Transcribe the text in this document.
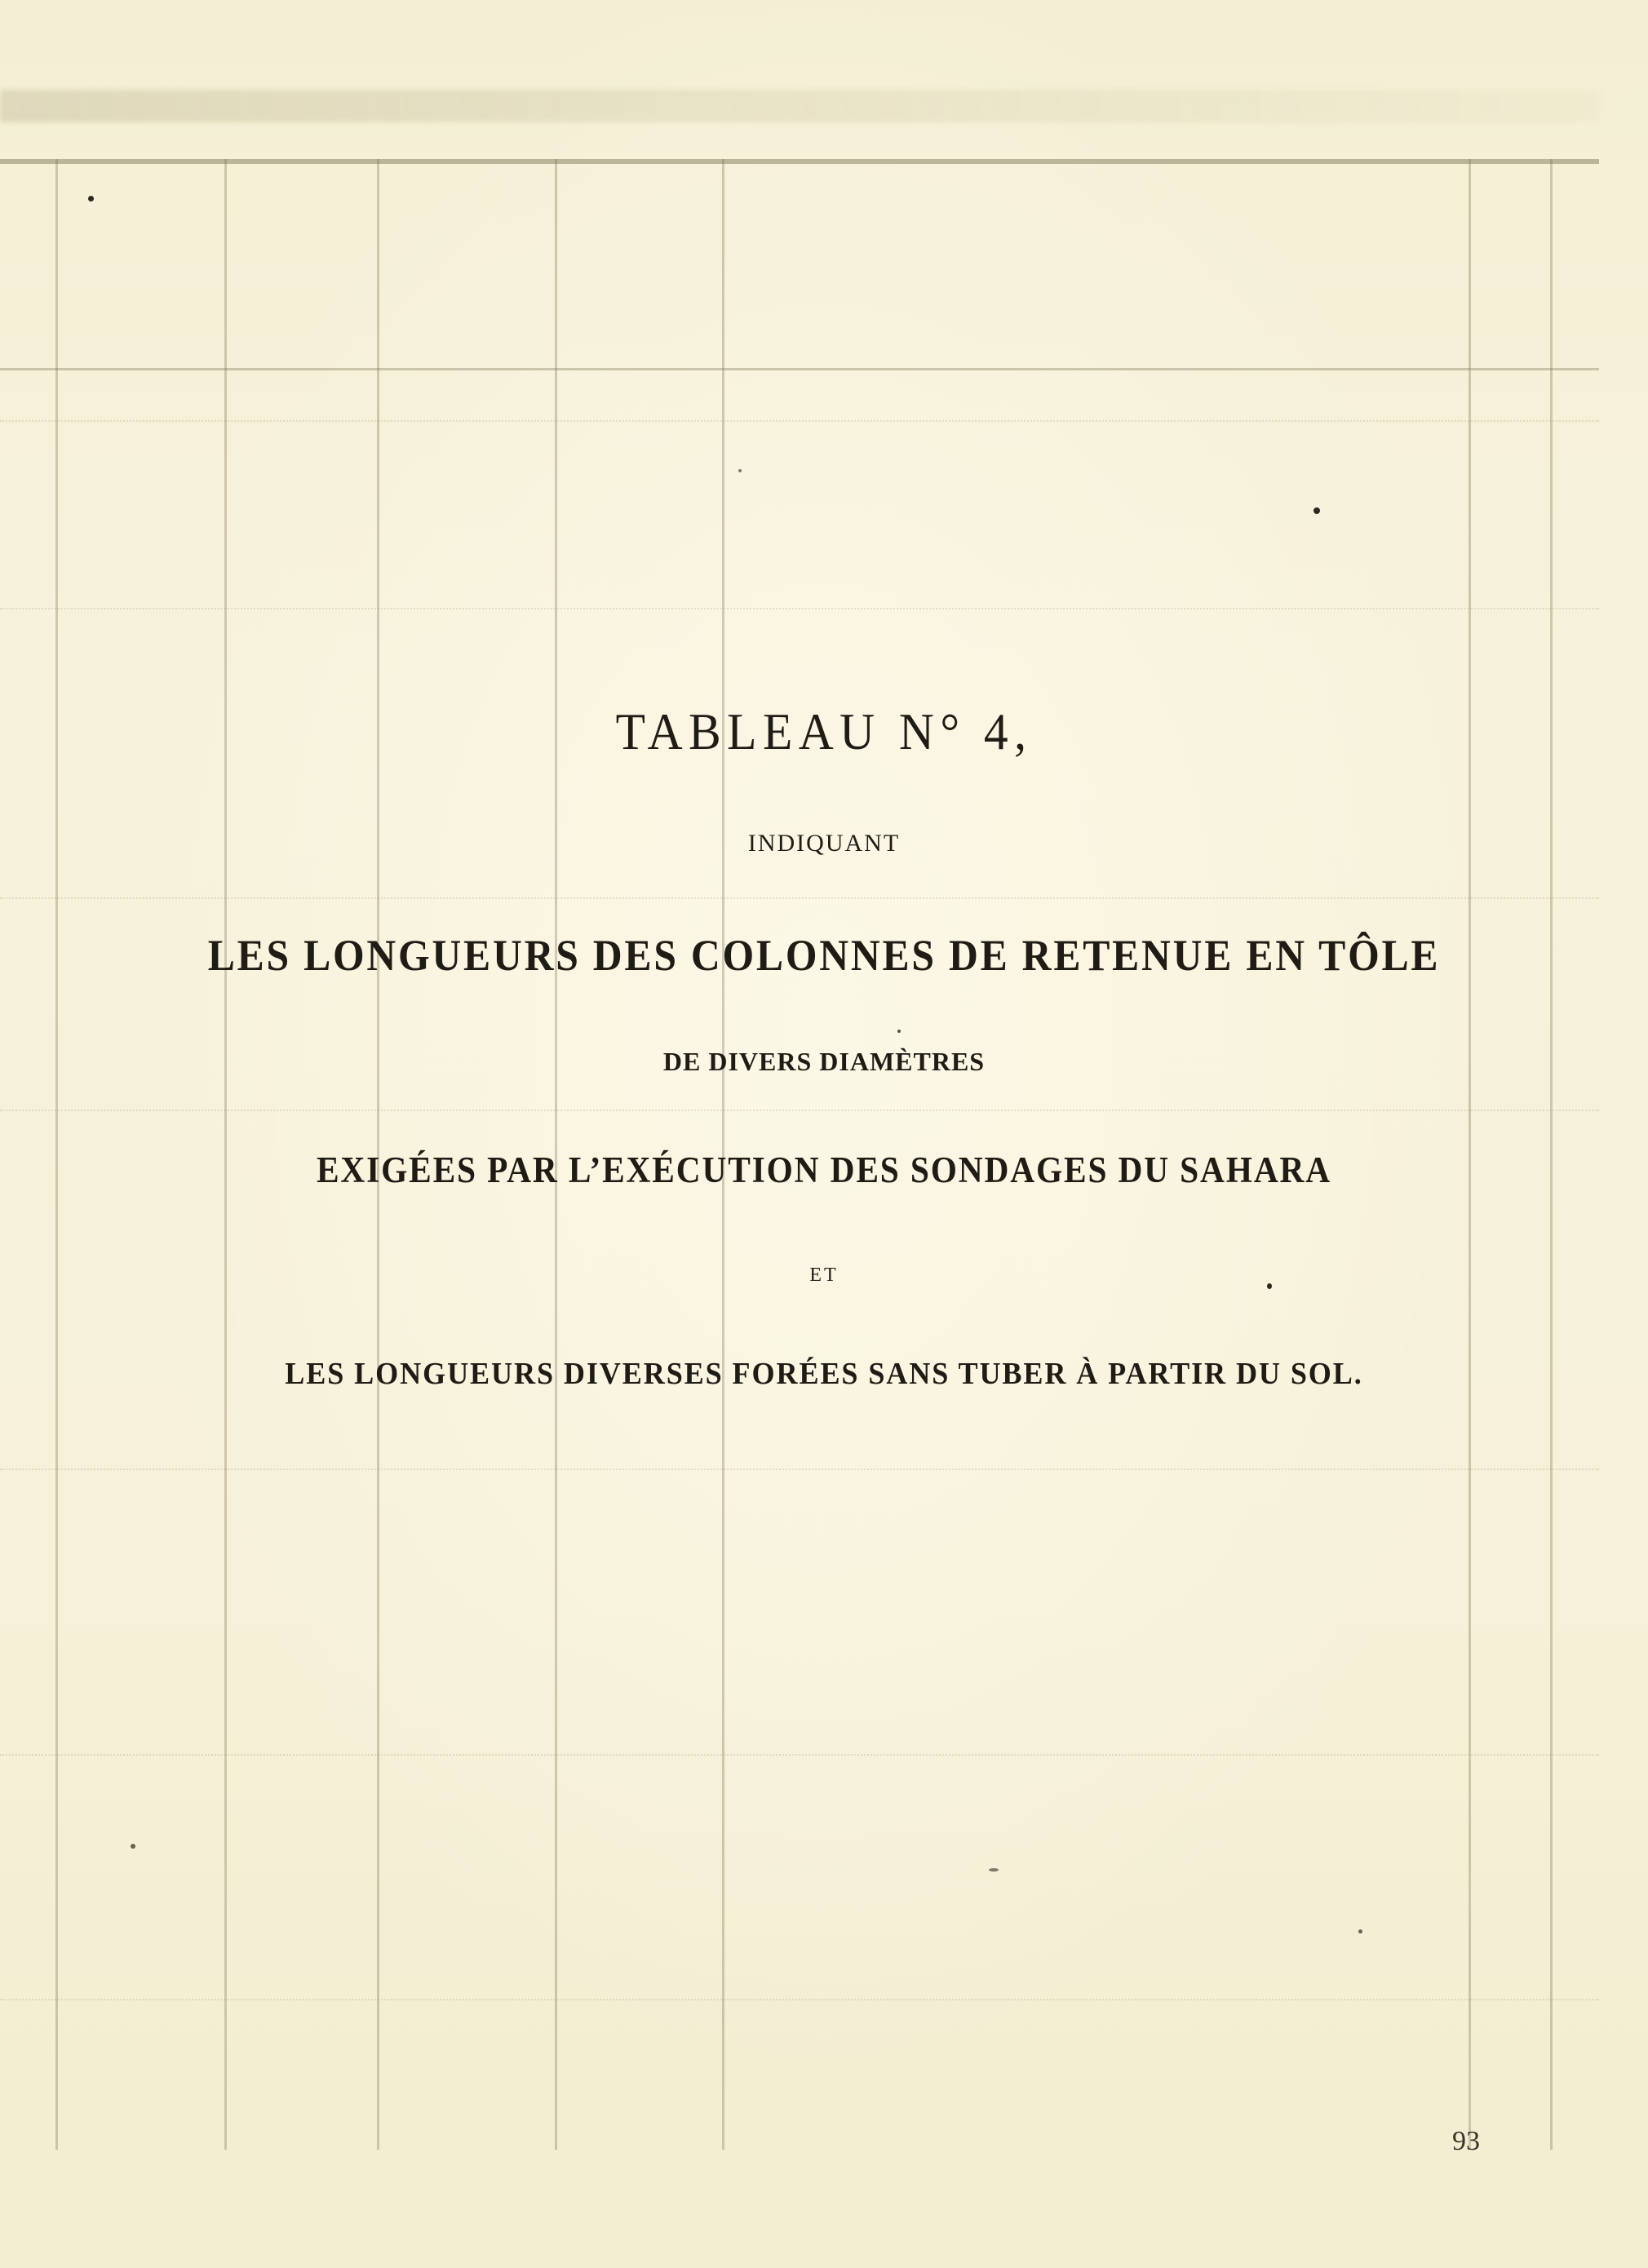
TABLEAU N° 4,
INDIQUANT
LES LONGUEURS DES COLONNES DE RETENUE EN TÔLE
DE DIVERS DIAMÈTRES
EXIGÉES PAR L’EXÉCUTION DES SONDAGES DU SAHARA
ET
LES LONGUEURS DIVERSES FORÉES SANS TUBER À PARTIR DU SOL.
93
